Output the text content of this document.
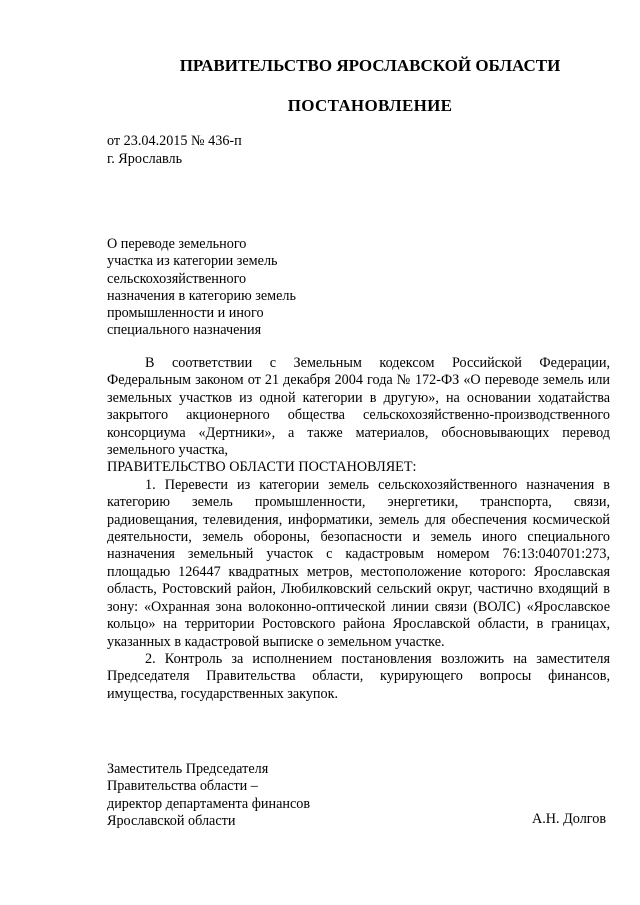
ПРАВИТЕЛЬСТВО ЯРОСЛАВСКОЙ ОБЛАСТИ
ПОСТАНОВЛЕНИЕ
от 23.04.2015 № 436-п
г. Ярославль
О переводе земельного
участка из категории земель
сельскохозяйственного
назначения в категорию земель
промышленности и иного
специального назначения

В соответствии с Земельным кодексом Российской Федерации, Федеральным законом от 21 декабря 2004 года № 172-ФЗ «О переводе земель или земельных участков из одной категории в другую», на основании ходатайства закрытого акционерного общества сельскохозяйственно-производственного консорциума «Дертники», а также материалов, обосновывающих перевод земельного участка,

ПРАВИТЕЛЬСТВО ОБЛАСТИ ПОСТАНОВЛЯЕТ:

1. Перевести из категории земель сельскохозяйственного назначения в категорию земель промышленности, энергетики, транспорта, связи, радиовещания, телевидения, информатики, земель для обеспечения космической деятельности, земель обороны, безопасности и земель иного специального назначения земельный участок с кадастровым номером 76:13:040701:273, площадью 126447 квадратных метров, местоположение которого: Ярославская область, Ростовский район, Любилковский сельский округ, частично входящий в зону: «Охранная зона волоконно-оптической линии связи (ВОЛС) «Ярославское кольцо» на территории Ростовского района Ярославской области, в границах, указанных в кадастровой выписке о земельном участке.

2. Контроль за исполнением постановления возложить на заместителя Председателя Правительства области, курирующего вопросы финансов, имущества, государственных закупок.

Заместитель Председателя
Правительства области –
директор департамента финансов
Ярославской области	А.Н. Долгов
